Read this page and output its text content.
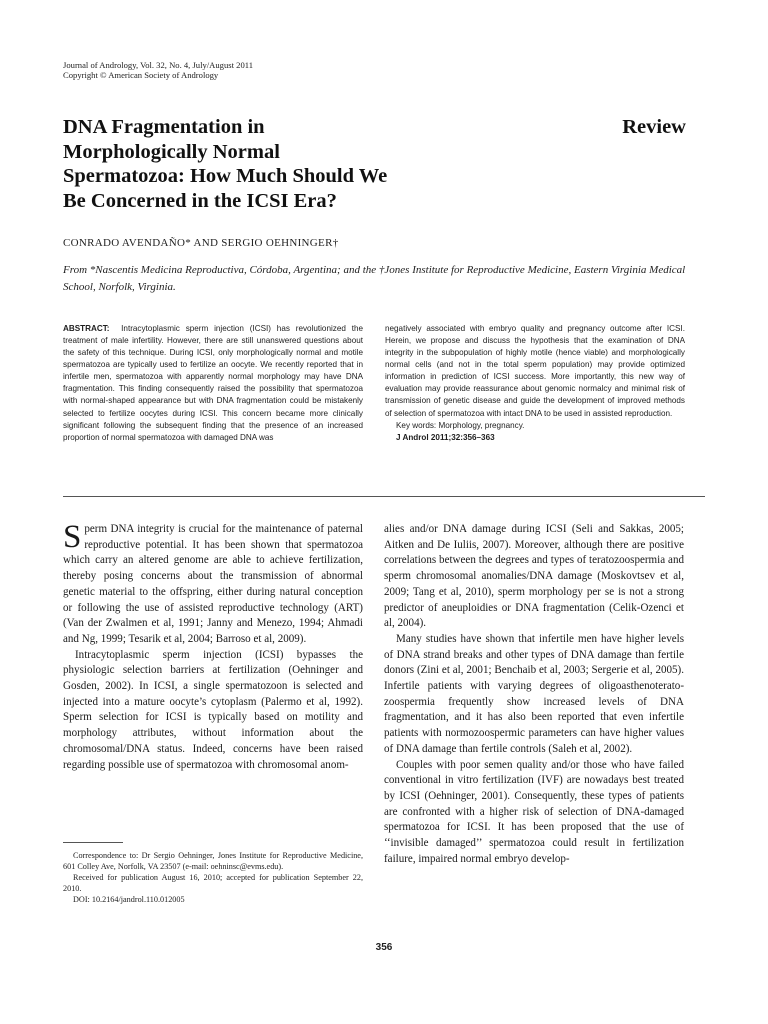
Journal of Andrology, Vol. 32, No. 4, July/August 2011
Copyright © American Society of Andrology
DNA Fragmentation in Morphologically Normal Spermatozoa: How Much Should We Be Concerned in the ICSI Era?
Review
CONRADO AVENDAÑO* AND SERGIO OEHNINGER†
From *Nascentis Medicina Reproductiva, Córdoba, Argentina; and the †Jones Institute for Reproductive Medicine, Eastern Virginia Medical School, Norfolk, Virginia.
ABSTRACT: Intracytoplasmic sperm injection (ICSI) has revolutionized the treatment of male infertility. However, there are still unanswered questions about the safety of this technique. During ICSI, only morphologically normal and motile spermatozoa are typically used to fertilize an oocyte. We recently reported that in infertile men, spermatozoa with apparently normal morphology may have DNA fragmentation. This finding consequently raised the possibility that spermatozoa with normal-shaped appearance but with DNA fragmentation could be mistakenly selected to fertilize oocytes during ICSI. This concern became more clinically significant following the subsequent finding that the presence of an increased proportion of normal spermatozoa with damaged DNA was
negatively associated with embryo quality and pregnancy outcome after ICSI. Herein, we propose and discuss the hypothesis that the examination of DNA integrity in the subpopulation of highly motile (hence viable) and morphologically normal cells (and not in the total sperm population) may provide optimized information in prediction of ICSI success. More importantly, this new way of evaluation may provide reassurance about genomic normalcy and minimal risk of transmission of genetic disease and guide the development of improved methods of selection of spermatozoa with intact DNA to be used in assisted reproduction.
Key words: Morphology, pregnancy.
J Androl 2011;32:356–363

Sperm DNA integrity is crucial for the maintenance of paternal reproductive potential. It has been shown that spermatozoa which carry an altered genome are able to achieve fertilization, thereby posing concerns about the transmission of abnormal genetic material to the offspring, either during natural conception or following the use of assisted reproductive technology (ART) (Van der Zwalmen et al, 1991; Janny and Menezo, 1994; Ahmadi and Ng, 1999; Tesarik et al, 2004; Barroso et al, 2009).

Intracytoplasmic sperm injection (ICSI) bypasses the physiologic selection barriers at fertilization (Oehninger and Gosden, 2002). In ICSI, a single spermatozoon is selected and injected into a mature oocyte’s cytoplasm (Palermo et al, 1992). Sperm selection for ICSI is typically based on motility and morphology attributes, without information about the chromosomal/DNA status. Indeed, concerns have been raised regarding possible use of spermatozoa with chromosomal anom-

alies and/or DNA damage during ICSI (Seli and Sakkas, 2005; Aitken and De Iuliis, 2007). Moreover, although there are positive correlations between the degrees and types of teratozoospermia and sperm chromosomal anomalies/DNA damage (Moskovtsev et al, 2009; Tang et al, 2010), sperm morphology per se is not a strong predictor of aneuploidies or DNA fragmentation (Celik-Ozenci et al, 2004).

Many studies have shown that infertile men have higher levels of DNA strand breaks and other types of DNA damage than fertile donors (Zini et al, 2001; Benchaib et al, 2003; Sergerie et al, 2005). Infertile patients with varying degrees of oligoasthenoterato-zoospermia frequently show increased levels of DNA fragmentation, and it has also been reported that even infertile patients with normozoospermic parameters can have higher values of DNA damage than fertile controls (Saleh et al, 2002).

Couples with poor semen quality and/or those who have failed conventional in vitro fertilization (IVF) are nowadays best treated by ICSI (Oehninger, 2001). Consequently, these types of patients are confronted with a higher risk of selection of DNA-damaged spermatozoa for ICSI. It has been proposed that the use of ‘‘invisible damaged’’ spermatozoa could result in fertilization failure, impaired normal embryo develop-

Correspondence to: Dr Sergio Oehninger, Jones Institute for Reproductive Medicine, 601 Colley Ave, Norfolk, VA 23507 (e-mail: oehninsc@evms.edu).

Received for publication August 16, 2010; accepted for publication September 22, 2010.

DOI: 10.2164/jandrol.110.012005

356
